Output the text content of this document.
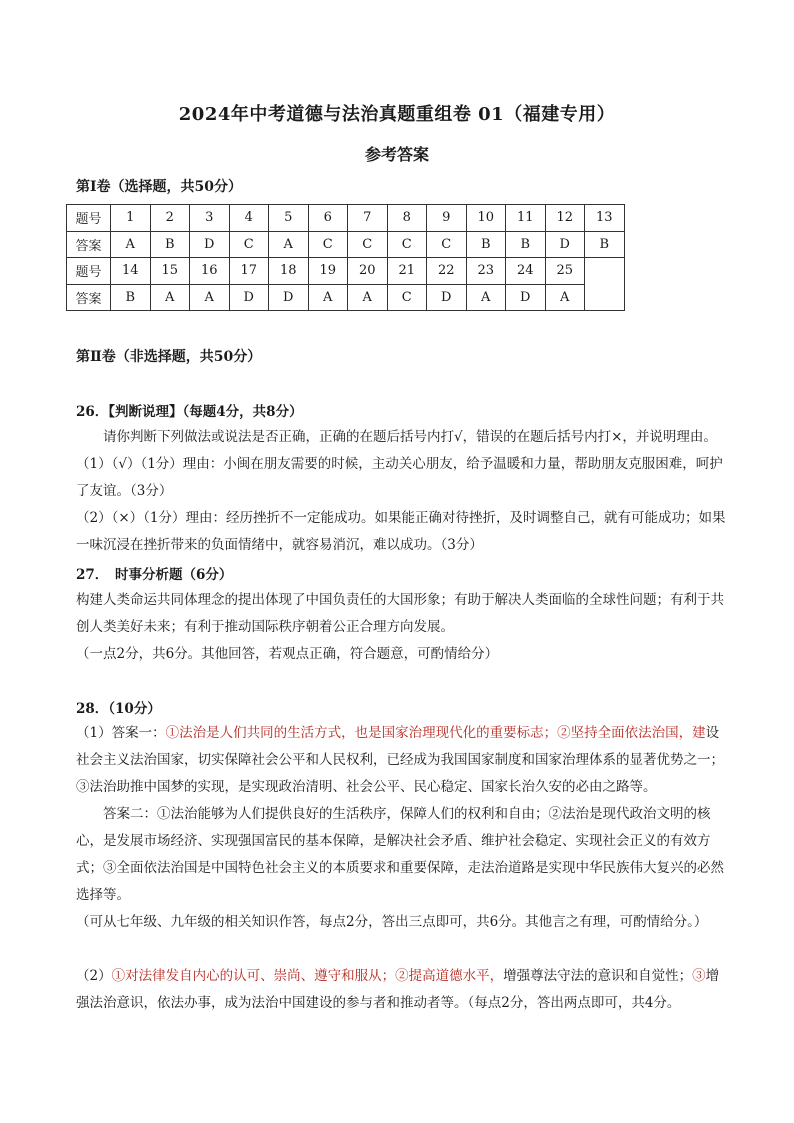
2024年中考道德与法治真题重组卷 01（福建专用）
参考答案
第Ⅰ卷（选择题，共50分）
题号	1	2	3	4	5	6	7	8	9	10	11	12	13
答案	A	B	D	C	A	C	C	C	C	B	B	D	B
题号	14	15	16	17	18	19	20	21	22	23	24	25	
答案	B	A	A	D	D	A	A	C	D	A	D	A	
第Ⅱ卷（非选择题，共50分）
26．【判断说理】（每题4分，共8分）
请你判断下列做法或说法是否正确，正确的在题后括号内打√，错误的在题后括号内打×，并说明理由。
（1）（√）（1分）理由：小闽在朋友需要的时候，主动关心朋友，给予温暖和力量，帮助朋友克服困难，呵护了友谊。（3分）
（2）（×）（1分）理由：经历挫折不一定能成功。如果能正确对待挫折，及时调整自己，就有可能成功；如果一味沉浸在挫折带来的负面情绪中，就容易消沉，难以成功。（3分）
27．　时事分析题（6分）
构建人类命运共同体理念的提出体现了中国负责任的大国形象；有助于解决人类面临的全球性问题；有利于共创人类美好未来；有利于推动国际秩序朝着公正合理方向发展。
（一点2分，共6分。其他回答，若观点正确，符合题意，可酌情给分）
28．（10分）
（1）答案一：①法治是人们共同的生活方式，也是国家治理现代化的重要标志；②坚持全面依法治国，建设社会主义法治国家，切实保障社会公平和人民权利，已经成为我国国家制度和国家治理体系的显著优势之一；③法治助推中国梦的实现，是实现政治清明、社会公平、民心稳定、国家长治久安的必由之路等。
答案二：①法治能够为人们提供良好的生活秩序，保障人们的权利和自由；②法治是现代政治文明的核心，是发展市场经济、实现强国富民的基本保障，是解决社会矛盾、维护社会稳定、实现社会正义的有效方式；③全面依法治国是中国特色社会主义的本质要求和重要保障，走法治道路是实现中华民族伟大复兴的必然选择等。
（可从七年级、九年级的相关知识作答，每点2分，答出三点即可，共6分。其他言之有理，可酌情给分。）
（2）①对法律发自内心的认可、崇尚、遵守和服从；②提高道德水平，增强尊法守法的意识和自觉性；③增强法治意识，依法办事，成为法治中国建设的参与者和推动者等。（每点2分，答出两点即可，共4分。
